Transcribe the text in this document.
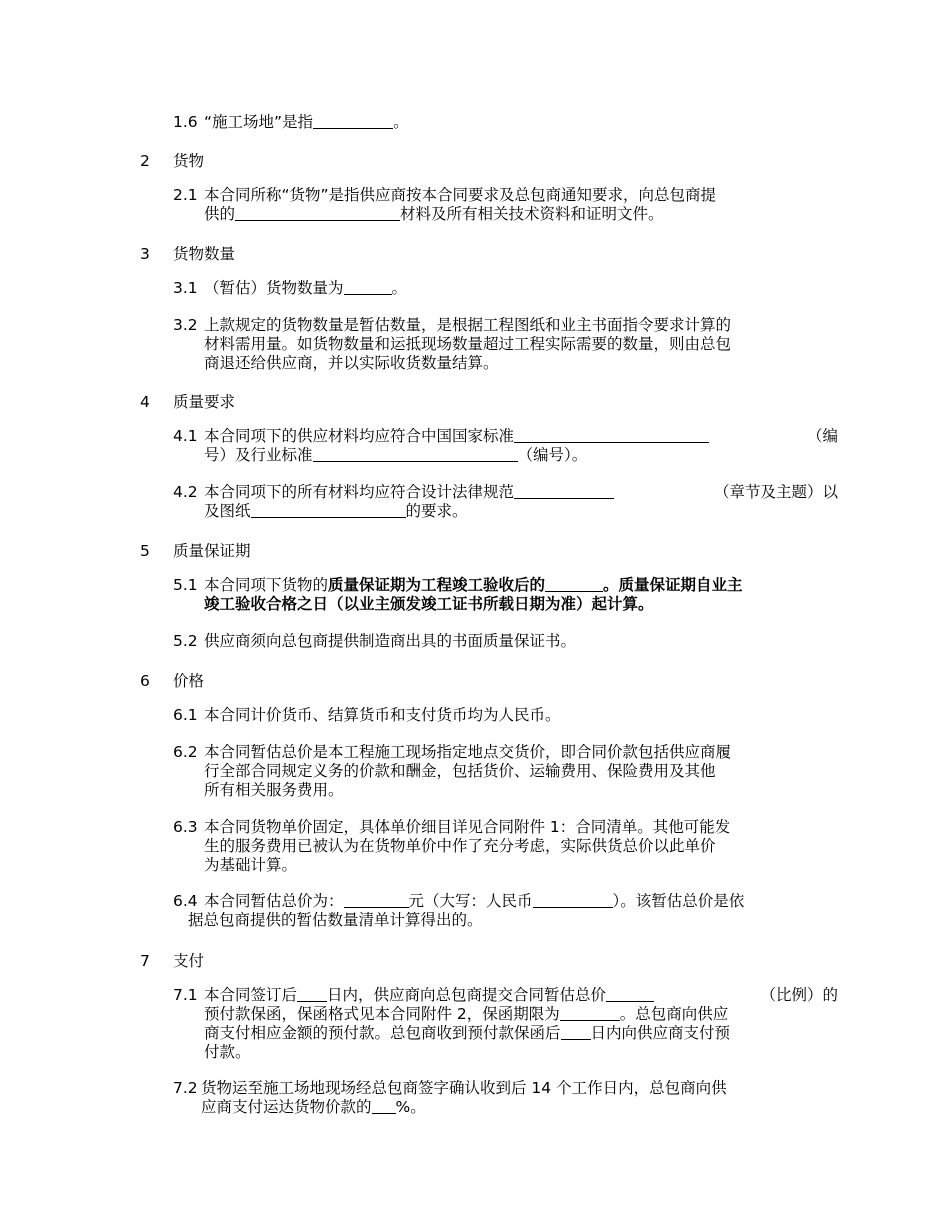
1.6 “施工场地”是指	。
2 货物
2.1 本合同所称“货物”是指供应商按本合同要求及总包商通知要求，向总包商提
供的	材料及所有相关技术资料和证明文件。
3 货物数量
3.1 （暂估）货物数量为	。
3.2 上款规定的货物数量是暂估数量，是根据工程图纸和业主书面指令要求计算的
材料需用量。如货物数量和运抵现场数量超过工程实际需要的数量，则由总包
商退还给供应商，并以实际收货数量结算。
4 质量要求
4.1 本合同项下的供应材料均应符合中国国家标准	（编
号）及行业标准	（编号）。
4.2 本合同项下的所有材料均应符合设计法律规范	（章节及主题）以
及图纸	的要求。
5 质量保证期
5.1 本合同项下货物的质量保证期为工程竣工验收后的	。质量保证期自业主
竣工验收合格之日（以业主颁发竣工证书所载日期为准）起计算。
5.2 供应商须向总包商提供制造商出具的书面质量保证书。
6 价格
6.1 本合同计价货币、结算货币和支付货币均为人民币。
6.2 本合同暂估总价是本工程施工现场指定地点交货价，即合同价款包括供应商履
行全部合同规定义务的价款和酬金，包括货价、运输费用、保险费用及其他
所有相关服务费用。
6.3 本合同货物单价固定，具体单价细目详见合同附件 1：合同清单。其他可能发
生的服务费用已被认为在货物单价中作了充分考虑，实际供货总价以此单价
为基础计算。
6.4 本合同暂估总价为：	元（大写：人民币	）。该暂估总价是依
据总包商提供的暂估数量清单计算得出的。
7 支付
7.1 本合同签订后 日内，供应商向总包商提交合同暂估总价	（比例）的
预付款保函，保函格式见本合同附件 2，保函期限为	。总包商向供应
商支付相应金额的预付款。总包商收到预付款保函后 日内向供应商支付预
付款。
7.2 货物运至施工场地现场经总包商签字确认收到后 14 个工作日内，总包商向供
应商支付运达货物价款的 %。
